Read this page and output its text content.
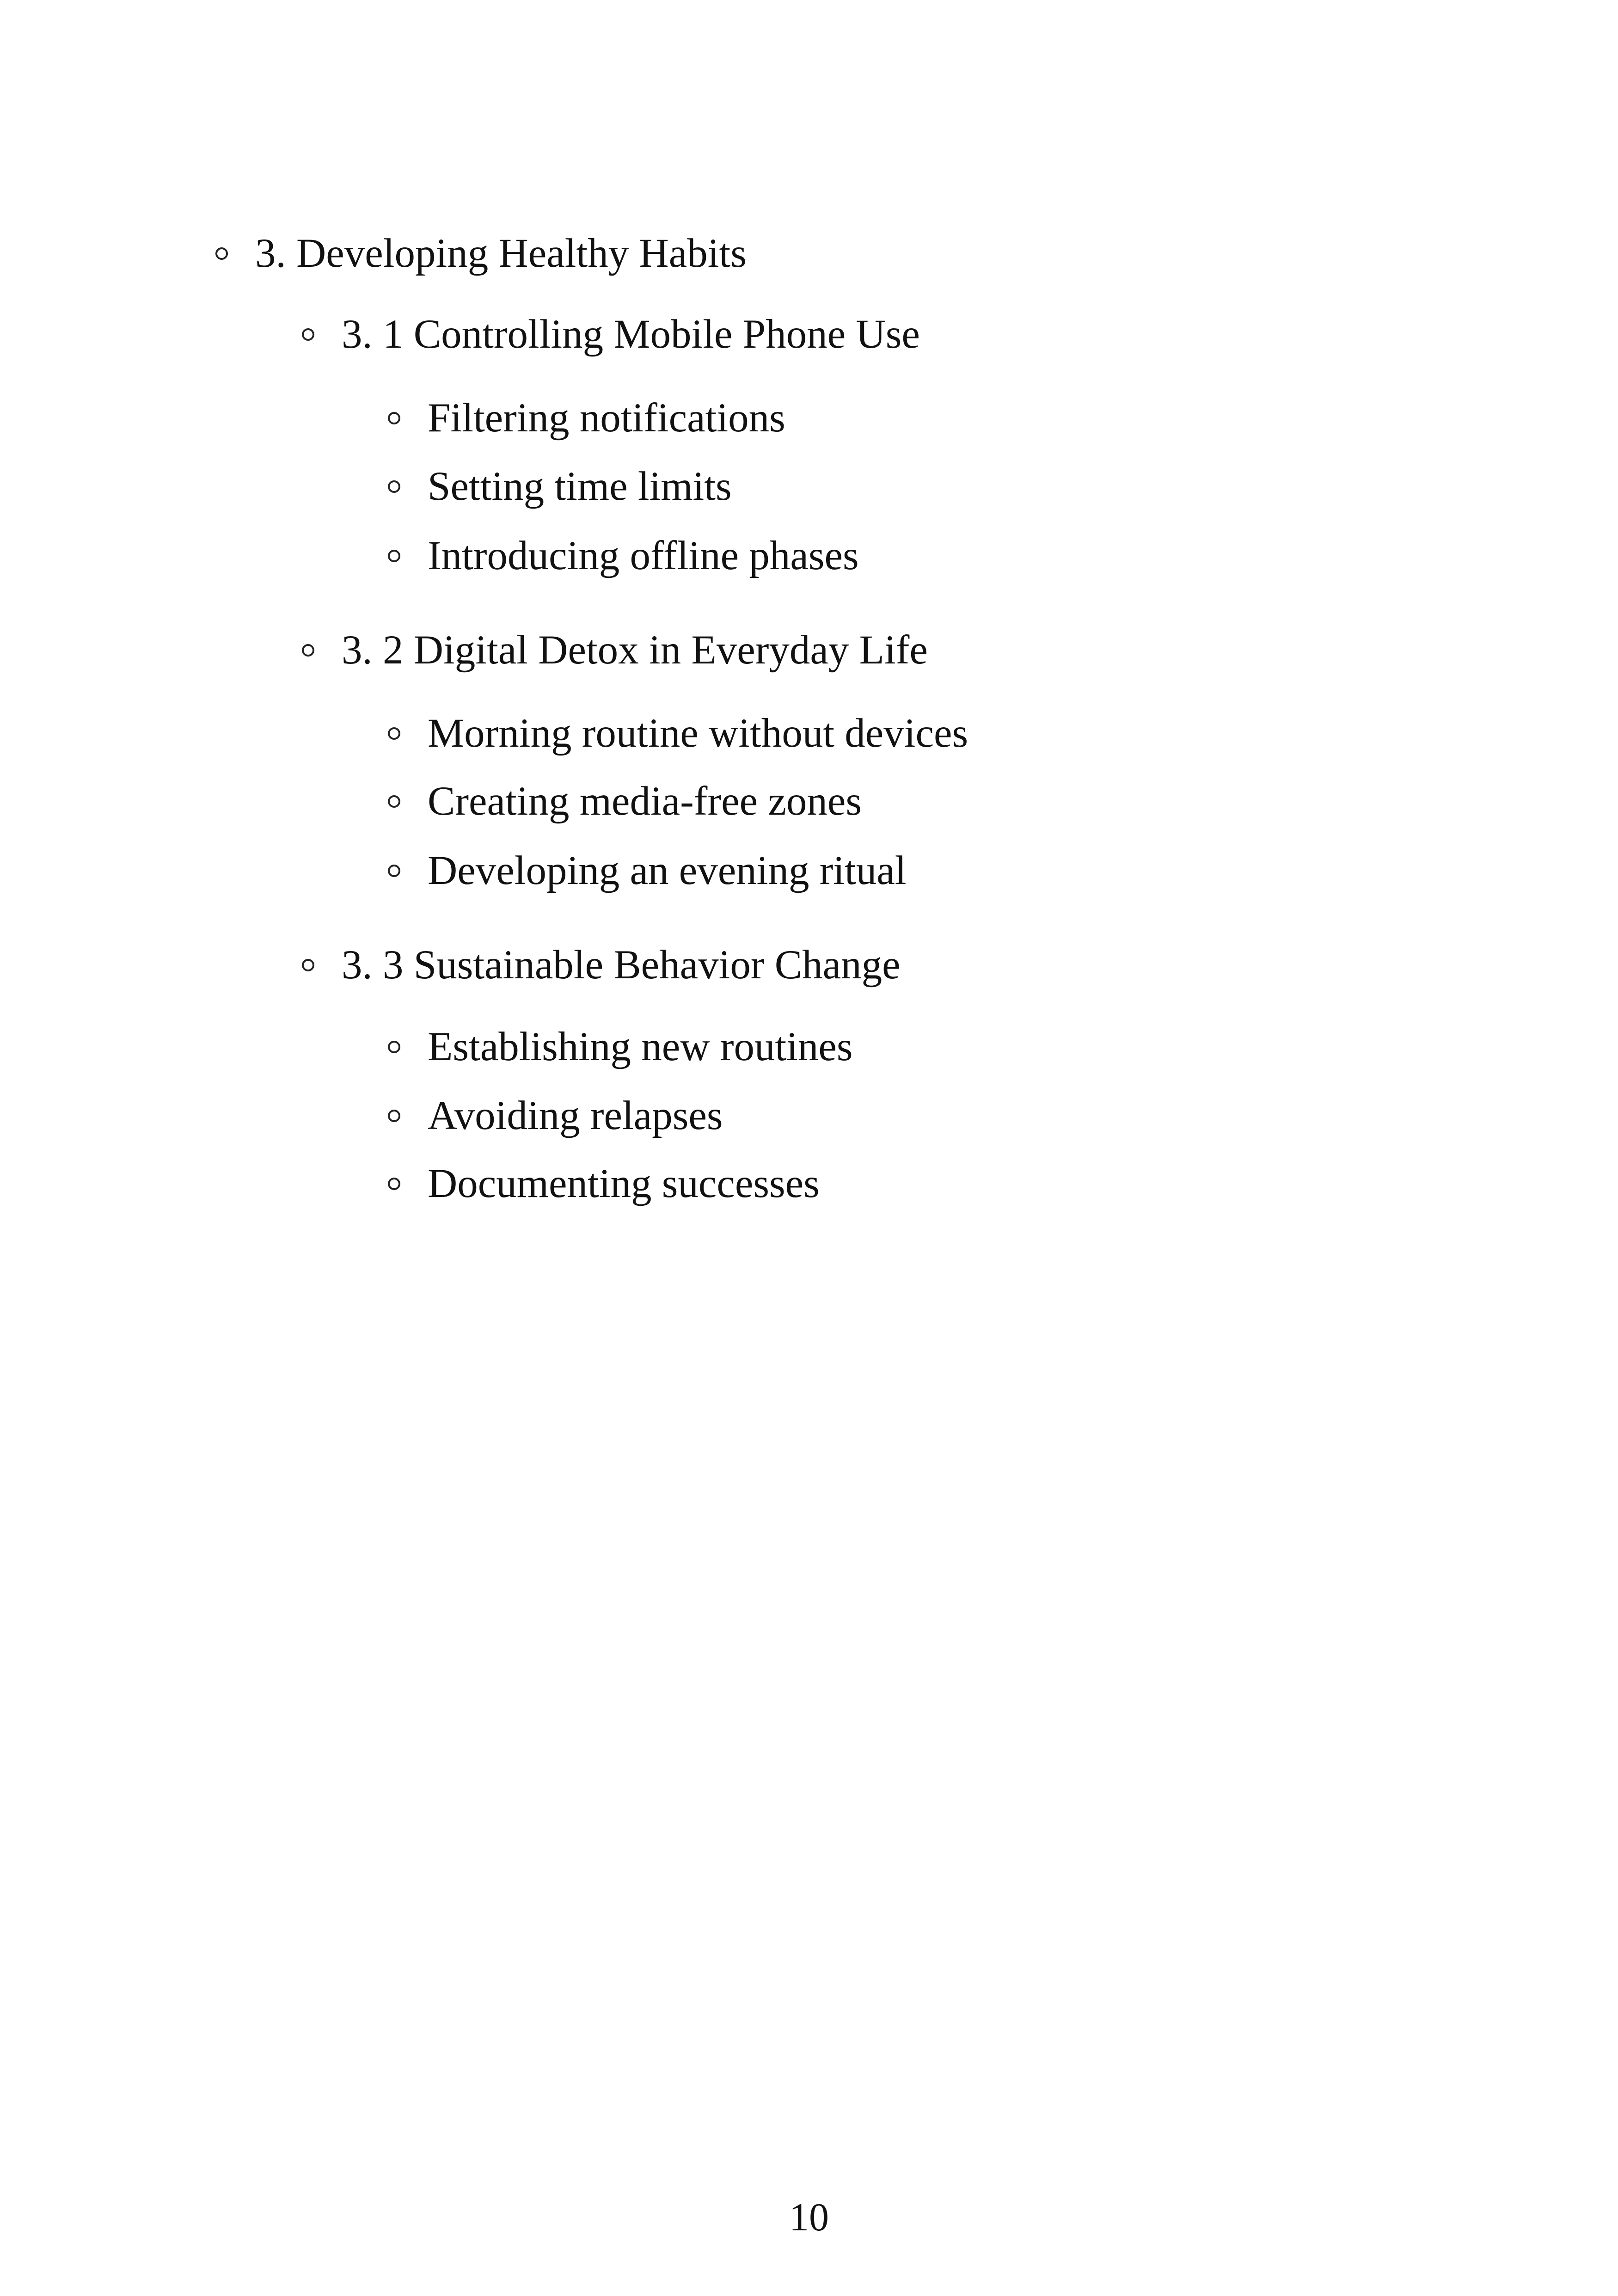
3. Developing Healthy Habits
3. 1 Controlling Mobile Phone Use
Filtering notifications
Setting time limits
Introducing offline phases
3. 2 Digital Detox in Everyday Life
Morning routine without devices
Creating media-free zones
Developing an evening ritual
3. 3 Sustainable Behavior Change
Establishing new routines
Avoiding relapses
Documenting successes
10
